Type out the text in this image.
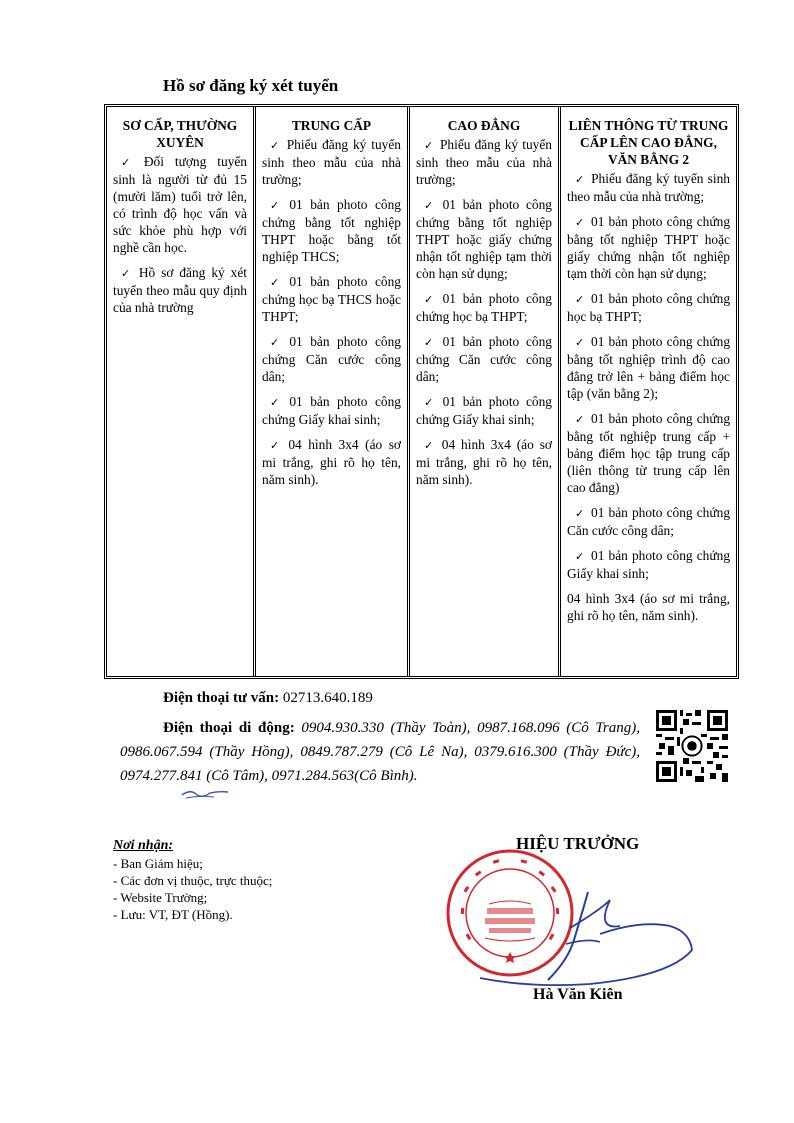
Hồ sơ đăng ký xét tuyển
SƠ CẤP, THƯỜNG XUYÊN

✓ Đối tượng tuyển sinh là người từ đủ 15 (mười lăm) tuổi trở lên, có trình độ học vấn và sức khỏe phù hợp với nghề cần học.

✓ Hồ sơ đăng ký xét tuyển theo mẫu quy định của nhà trường

TRUNG CẤP

✓ Phiếu đăng ký tuyển sinh theo mẫu của nhà trường;

✓ 01 bản photo công chứng bằng tốt nghiệp THPT hoặc bằng tốt nghiệp THCS;

✓ 01 bản photo công chứng học bạ THCS hoặc THPT;

✓ 01 bản photo công chứng Căn cước công dân;

✓ 01 bản photo công chứng Giấy khai sinh;

✓ 04 hình 3x4 (áo sơ mi trắng, ghi rõ họ tên, năm sinh).

CAO ĐẲNG

✓ Phiếu đăng ký tuyển sinh theo mẫu của nhà trường;

✓ 01 bản photo công chứng bằng tốt nghiệp THPT hoặc giấy chứng nhận tốt nghiệp tạm thời còn hạn sử dụng;

✓ 01 bản photo công chứng học bạ THPT;

✓ 01 bản photo công chứng Căn cước công dân;

✓ 01 bản photo công chứng Giấy khai sinh;

✓ 04 hình 3x4 (áo sơ mi trắng, ghi rõ họ tên, năm sinh).

LIÊN THÔNG TỪ TRUNG CẤP LÊN CAO ĐẲNG, VĂN BẰNG 2

✓ Phiếu đăng ký tuyển sinh theo mẫu của nhà trường;

✓ 01 bản photo công chứng bằng tốt nghiệp THPT hoặc giấy chứng nhận tốt nghiệp tạm thời còn hạn sử dụng;

✓ 01 bản photo công chứng học bạ THPT;

✓ 01 bản photo công chứng bằng tốt nghiệp trình độ cao đẳng trở lên + bảng điểm học tập (văn bằng 2);

✓ 01 bản photo công chứng bằng tốt nghiệp trung cấp + bảng điểm học tập trung cấp (liên thông từ trung cấp lên cao đẳng)

✓ 01 bản photo công chứng Căn cước công dân;

✓ 01 bản photo công chứng Giấy khai sinh;

04 hình 3x4 (áo sơ mi trắng, ghi rõ họ tên, năm sinh).

Điện thoại tư vấn: 02713.640.189
Điện thoại di động: 0904.930.330 (Thầy Toàn), 0987.168.096 (Cô Trang), 0986.067.594 (Thầy Hồng), 0849.787.279 (Cô Lê Na), 0379.616.300 (Thầy Đức), 0974.277.841 (Cô Tâm), 0971.284.563(Cô Bình).
Nơi nhận:
- Ban Giám hiệu;
- Các đơn vị thuộc, trực thuộc;
- Website Trường;
- Lưu: VT, ĐT (Hồng).
HIỆU TRƯỞNG
Hà Văn Kiên
